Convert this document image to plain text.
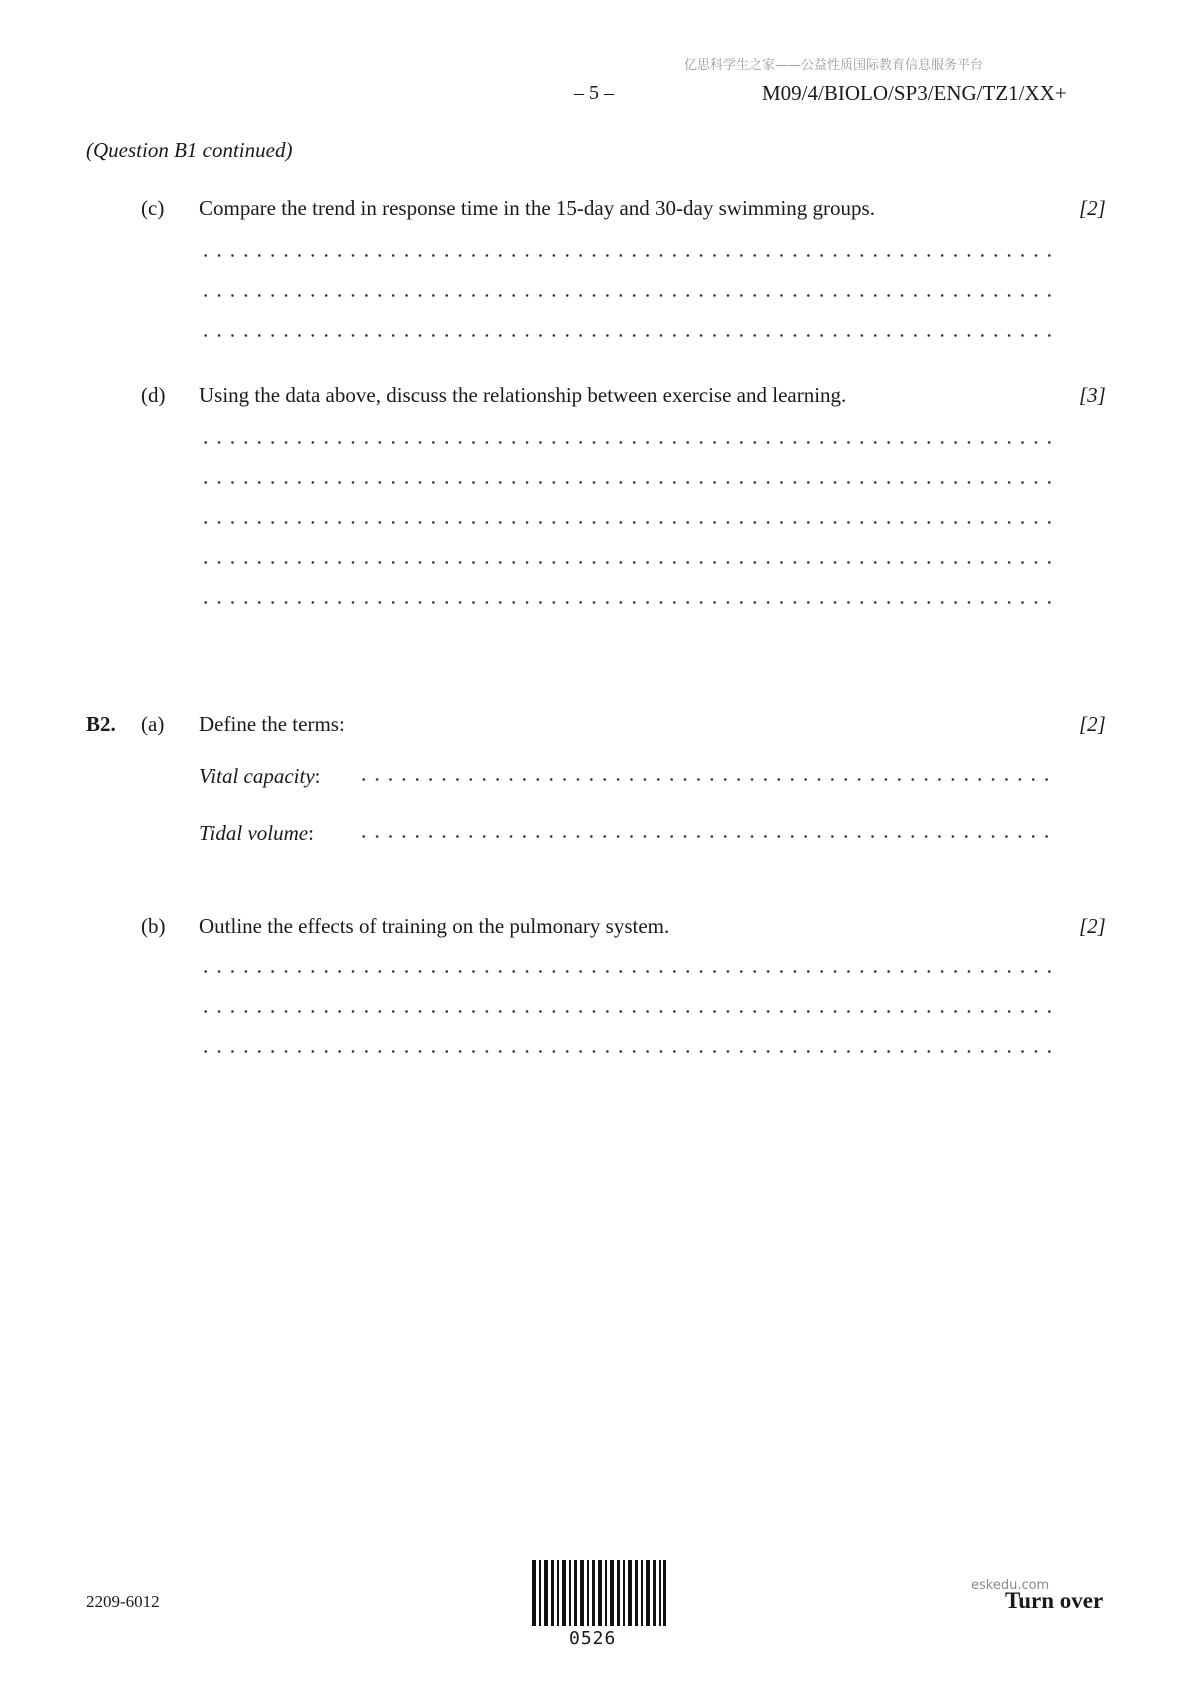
亿思科学生之家——公益性质国际教育信息服务平台
– 5 –	M09/4/BIOLO/SP3/ENG/TZ1/XX+
(Question B1 continued)
(c) Compare the trend in response time in the 15-day and 30-day swimming groups.	[2]
(d) Using the data above, discuss the relationship between exercise and learning.	[3]
B2. (a) Define the terms:	[2]
Vital capacity:
Tidal volume:
(b) Outline the effects of training on the pulmonary system.	[2]
2209-6012
0526
eskedu.com
Turn over
